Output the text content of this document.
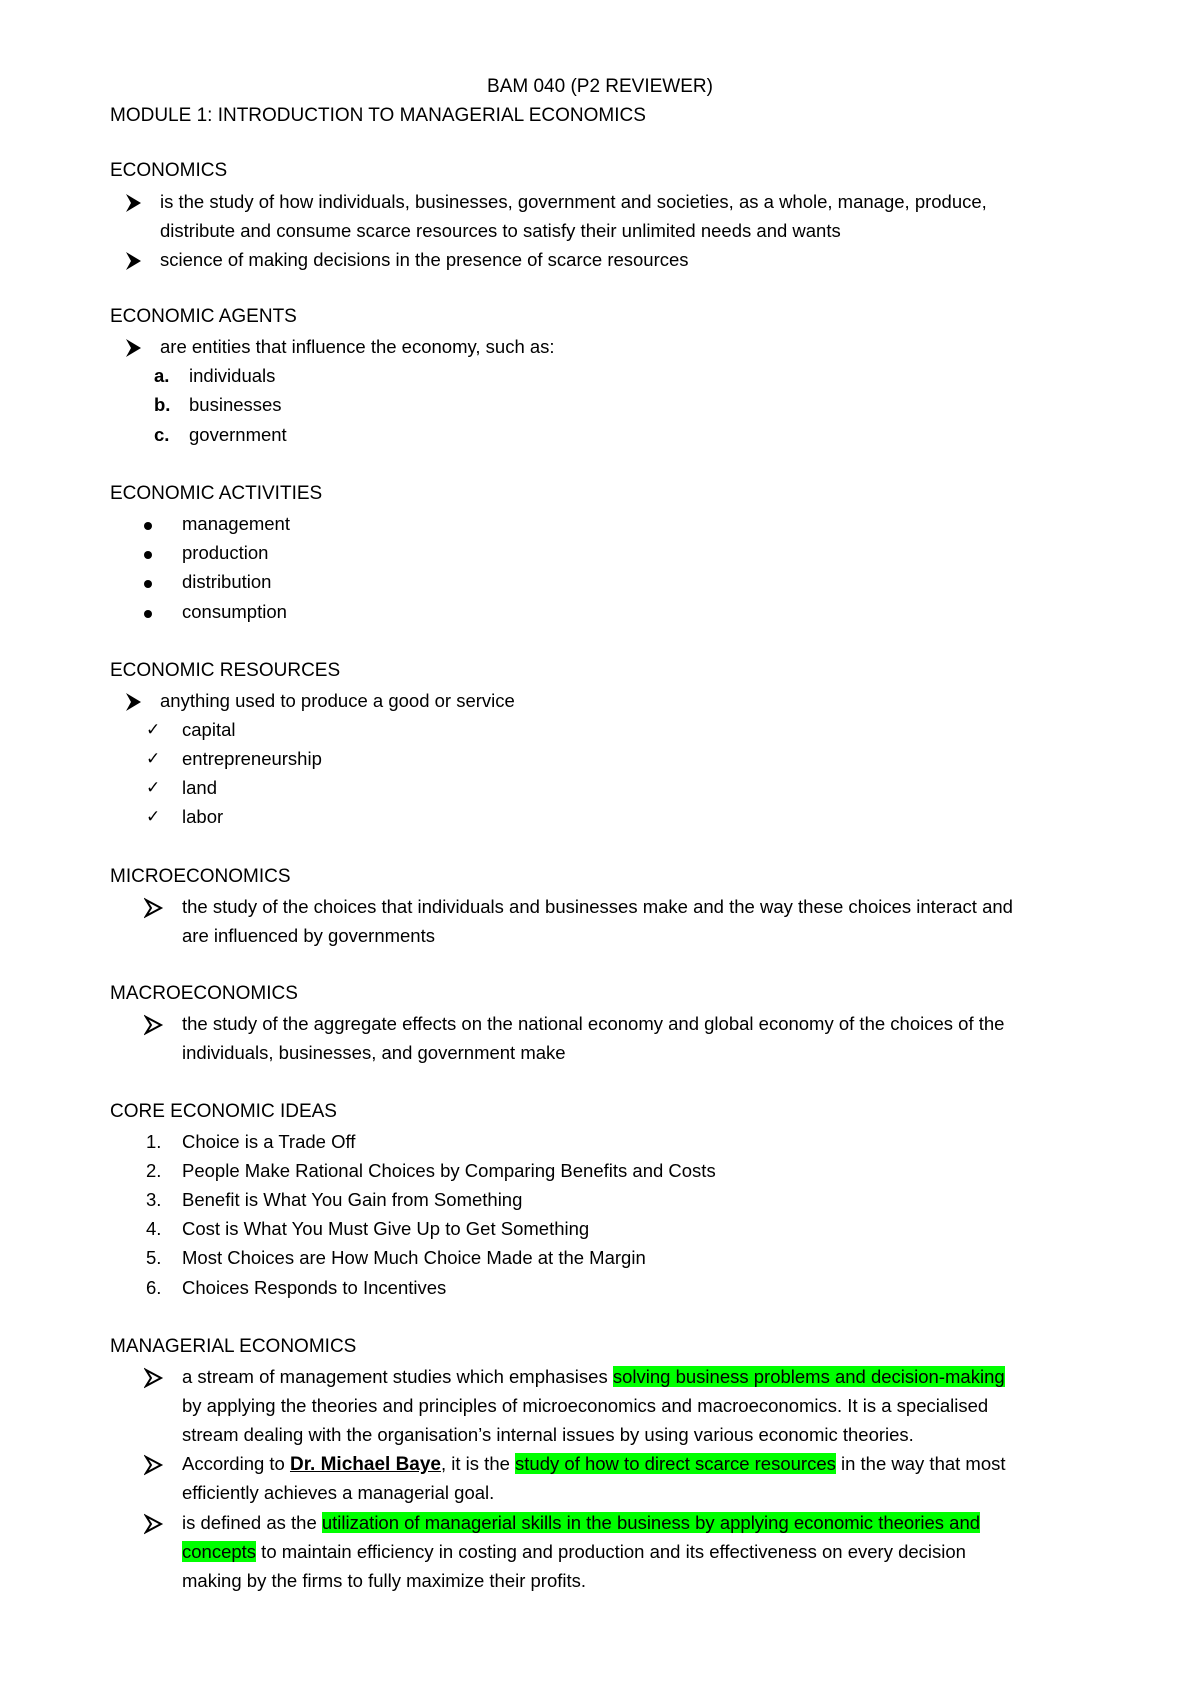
BAM 040 (P2 REVIEWER)
MODULE 1: INTRODUCTION TO MANAGERIAL ECONOMICS
ECONOMICS
is the study of how individuals, businesses, government and societies, as a whole, manage, produce,
distribute and consume scarce resources to satisfy their unlimited needs and wants
science of making decisions in the presence of scarce resources
ECONOMIC AGENTS
are entities that influence the economy, such as:
a. individuals
b. businesses
c. government
ECONOMIC ACTIVITIES
management
production
distribution
consumption
ECONOMIC RESOURCES
anything used to produce a good or service
✓ capital
✓ entrepreneurship
✓ land
✓ labor
MICROECONOMICS
the study of the choices that individuals and businesses make and the way these choices interact and
are influenced by governments
MACROECONOMICS
the study of the aggregate effects on the national economy and global economy of the choices of the
individuals, businesses, and government make
CORE ECONOMIC IDEAS
1. Choice is a Trade Off
2. People Make Rational Choices by Comparing Benefits and Costs
3. Benefit is What You Gain from Something
4. Cost is What You Must Give Up to Get Something
5. Most Choices are How Much Choice Made at the Margin
6. Choices Responds to Incentives
MANAGERIAL ECONOMICS
a stream of management studies which emphasises solving business problems and decision-making
by applying the theories and principles of microeconomics and macroeconomics. It is a specialised
stream dealing with the organisation’s internal issues by using various economic theories.
According to Dr. Michael Baye, it is the study of how to direct scarce resources in the way that most
efficiently achieves a managerial goal.
is defined as the utilization of managerial skills in the business by applying economic theories and
concepts to maintain efficiency in costing and production and its effectiveness on every decision
making by the firms to fully maximize their profits.
